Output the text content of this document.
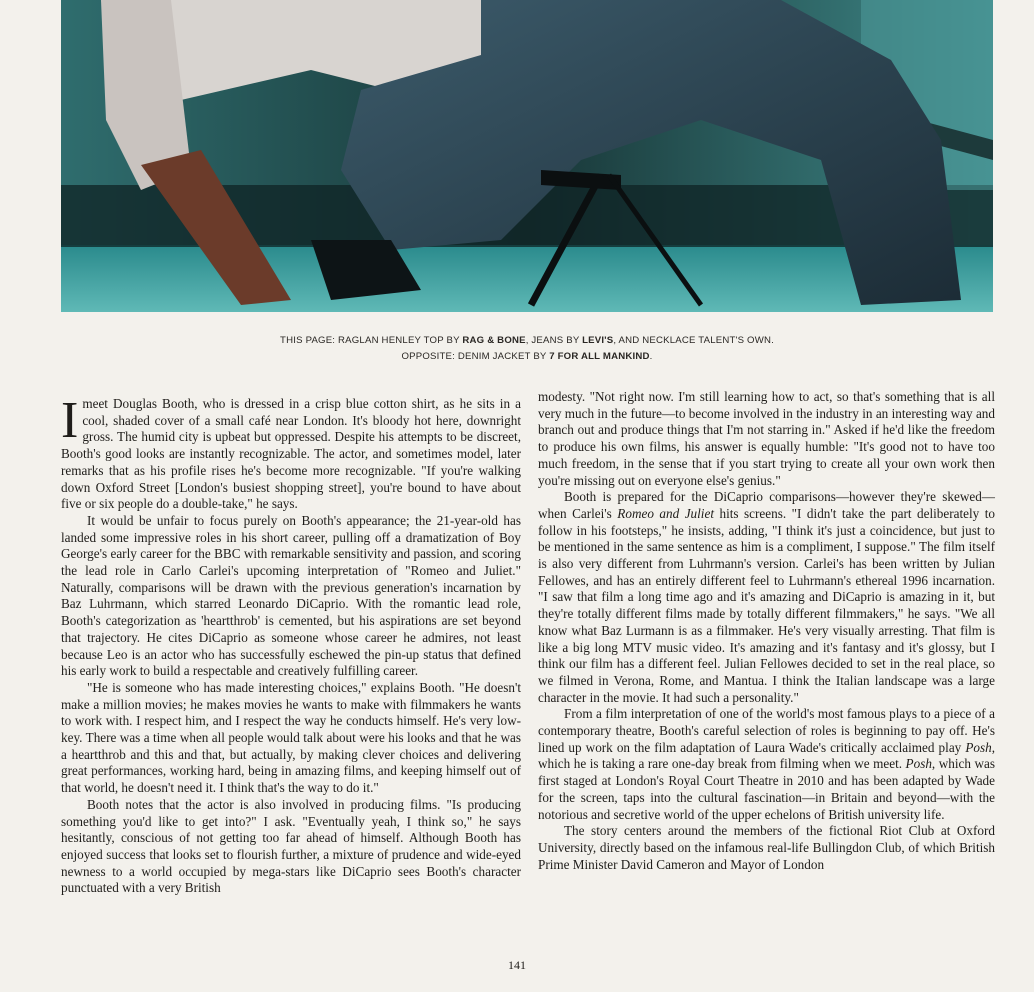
THIS PAGE: RAGLAN HENLEY TOP BY RAG & BONE, JEANS BY LEVI'S, AND NECKLACE TALENT'S OWN.
OPPOSITE: DENIM JACKET BY 7 FOR ALL MANKIND.

I meet Douglas Booth, who is dressed in a crisp blue cotton shirt, as he sits in a cool, shaded cover of a small café near London. It's bloody hot here, downright gross. The humid city is upbeat but oppressed. Despite his attempts to be discreet, Booth's good looks are instantly recognizable. The actor, and sometimes model, later remarks that as his profile rises he's become more recognizable. "If you're walking down Oxford Street [London's busiest shopping street], you're bound to have about five or six people do a double-take," he says.

It would be unfair to focus purely on Booth's appearance; the 21-year-old has landed some impressive roles in his short career, pulling off a dramatization of Boy George's early career for the BBC with remarkable sensitivity and passion, and scoring the lead role in Carlo Carlei's upcoming interpretation of "Romeo and Juliet." Naturally, comparisons will be drawn with the previous generation's incarnation by Baz Luhrmann, which starred Leonardo DiCaprio. With the romantic lead role, Booth's categorization as 'heartthrob' is cemented, but his aspirations are set beyond that trajectory. He cites DiCaprio as someone whose career he admires, not least because Leo is an actor who has successfully eschewed the pin-up status that defined his early work to build a respectable and creatively fulfilling career.

"He is someone who has made interesting choices," explains Booth. "He doesn't make a million movies; he makes movies he wants to make with filmmakers he wants to work with. I respect him, and I respect the way he conducts himself. He's very low-key. There was a time when all people would talk about were his looks and that he was a heartthrob and this and that, but actually, by making clever choices and delivering great performances, working hard, being in amazing films, and keeping himself out of that world, he doesn't need it. I think that's the way to do it."

Booth notes that the actor is also involved in producing films. "Is producing something you'd like to get into?" I ask. "Eventually yeah, I think so," he says hesitantly, conscious of not getting too far ahead of himself. Although Booth has enjoyed success that looks set to flourish further, a mixture of prudence and wide-eyed newness to a world occupied by mega-stars like DiCaprio sees Booth's character punctuated with a very British

modesty. "Not right now. I'm still learning how to act, so that's something that is all very much in the future—to become involved in the industry in an interesting way and branch out and produce things that I'm not starring in." Asked if he'd like the freedom to produce his own films, his answer is equally humble: "It's good not to have too much freedom, in the sense that if you start trying to create all your own work then you're missing out on everyone else's genius."

Booth is prepared for the DiCaprio comparisons—however they're skewed—when Carlei's Romeo and Juliet hits screens. "I didn't take the part deliberately to follow in his footsteps," he insists, adding, "I think it's just a coincidence, but just to be mentioned in the same sentence as him is a compliment, I suppose." The film itself is also very different from Luhrmann's version. Carlei's has been written by Julian Fellowes, and has an entirely different feel to Luhrmann's ethereal 1996 incarnation. "I saw that film a long time ago and it's amazing and DiCaprio is amazing in it, but they're totally different films made by totally different filmmakers," he says. "We all know what Baz Lurmann is as a filmmaker. He's very visually arresting. That film is like a big long MTV music video. It's amazing and it's fantasy and it's glossy, but I think our film has a different feel. Julian Fellowes decided to set in the real place, so we filmed in Verona, Rome, and Mantua. I think the Italian landscape was a large character in the movie. It had such a personality."

From a film interpretation of one of the world's most famous plays to a piece of a contemporary theatre, Booth's careful selection of roles is beginning to pay off. He's lined up work on the film adaptation of Laura Wade's critically acclaimed play Posh, which he is taking a rare one-day break from filming when we meet. Posh, which was first staged at London's Royal Court Theatre in 2010 and has been adapted by Wade for the screen, taps into the cultural fascination—in Britain and beyond—with the notorious and secretive world of the upper echelons of British university life.

The story centers around the members of the fictional Riot Club at Oxford University, directly based on the infamous real-life Bullingdon Club, of which British Prime Minister David Cameron and Mayor of London

141
